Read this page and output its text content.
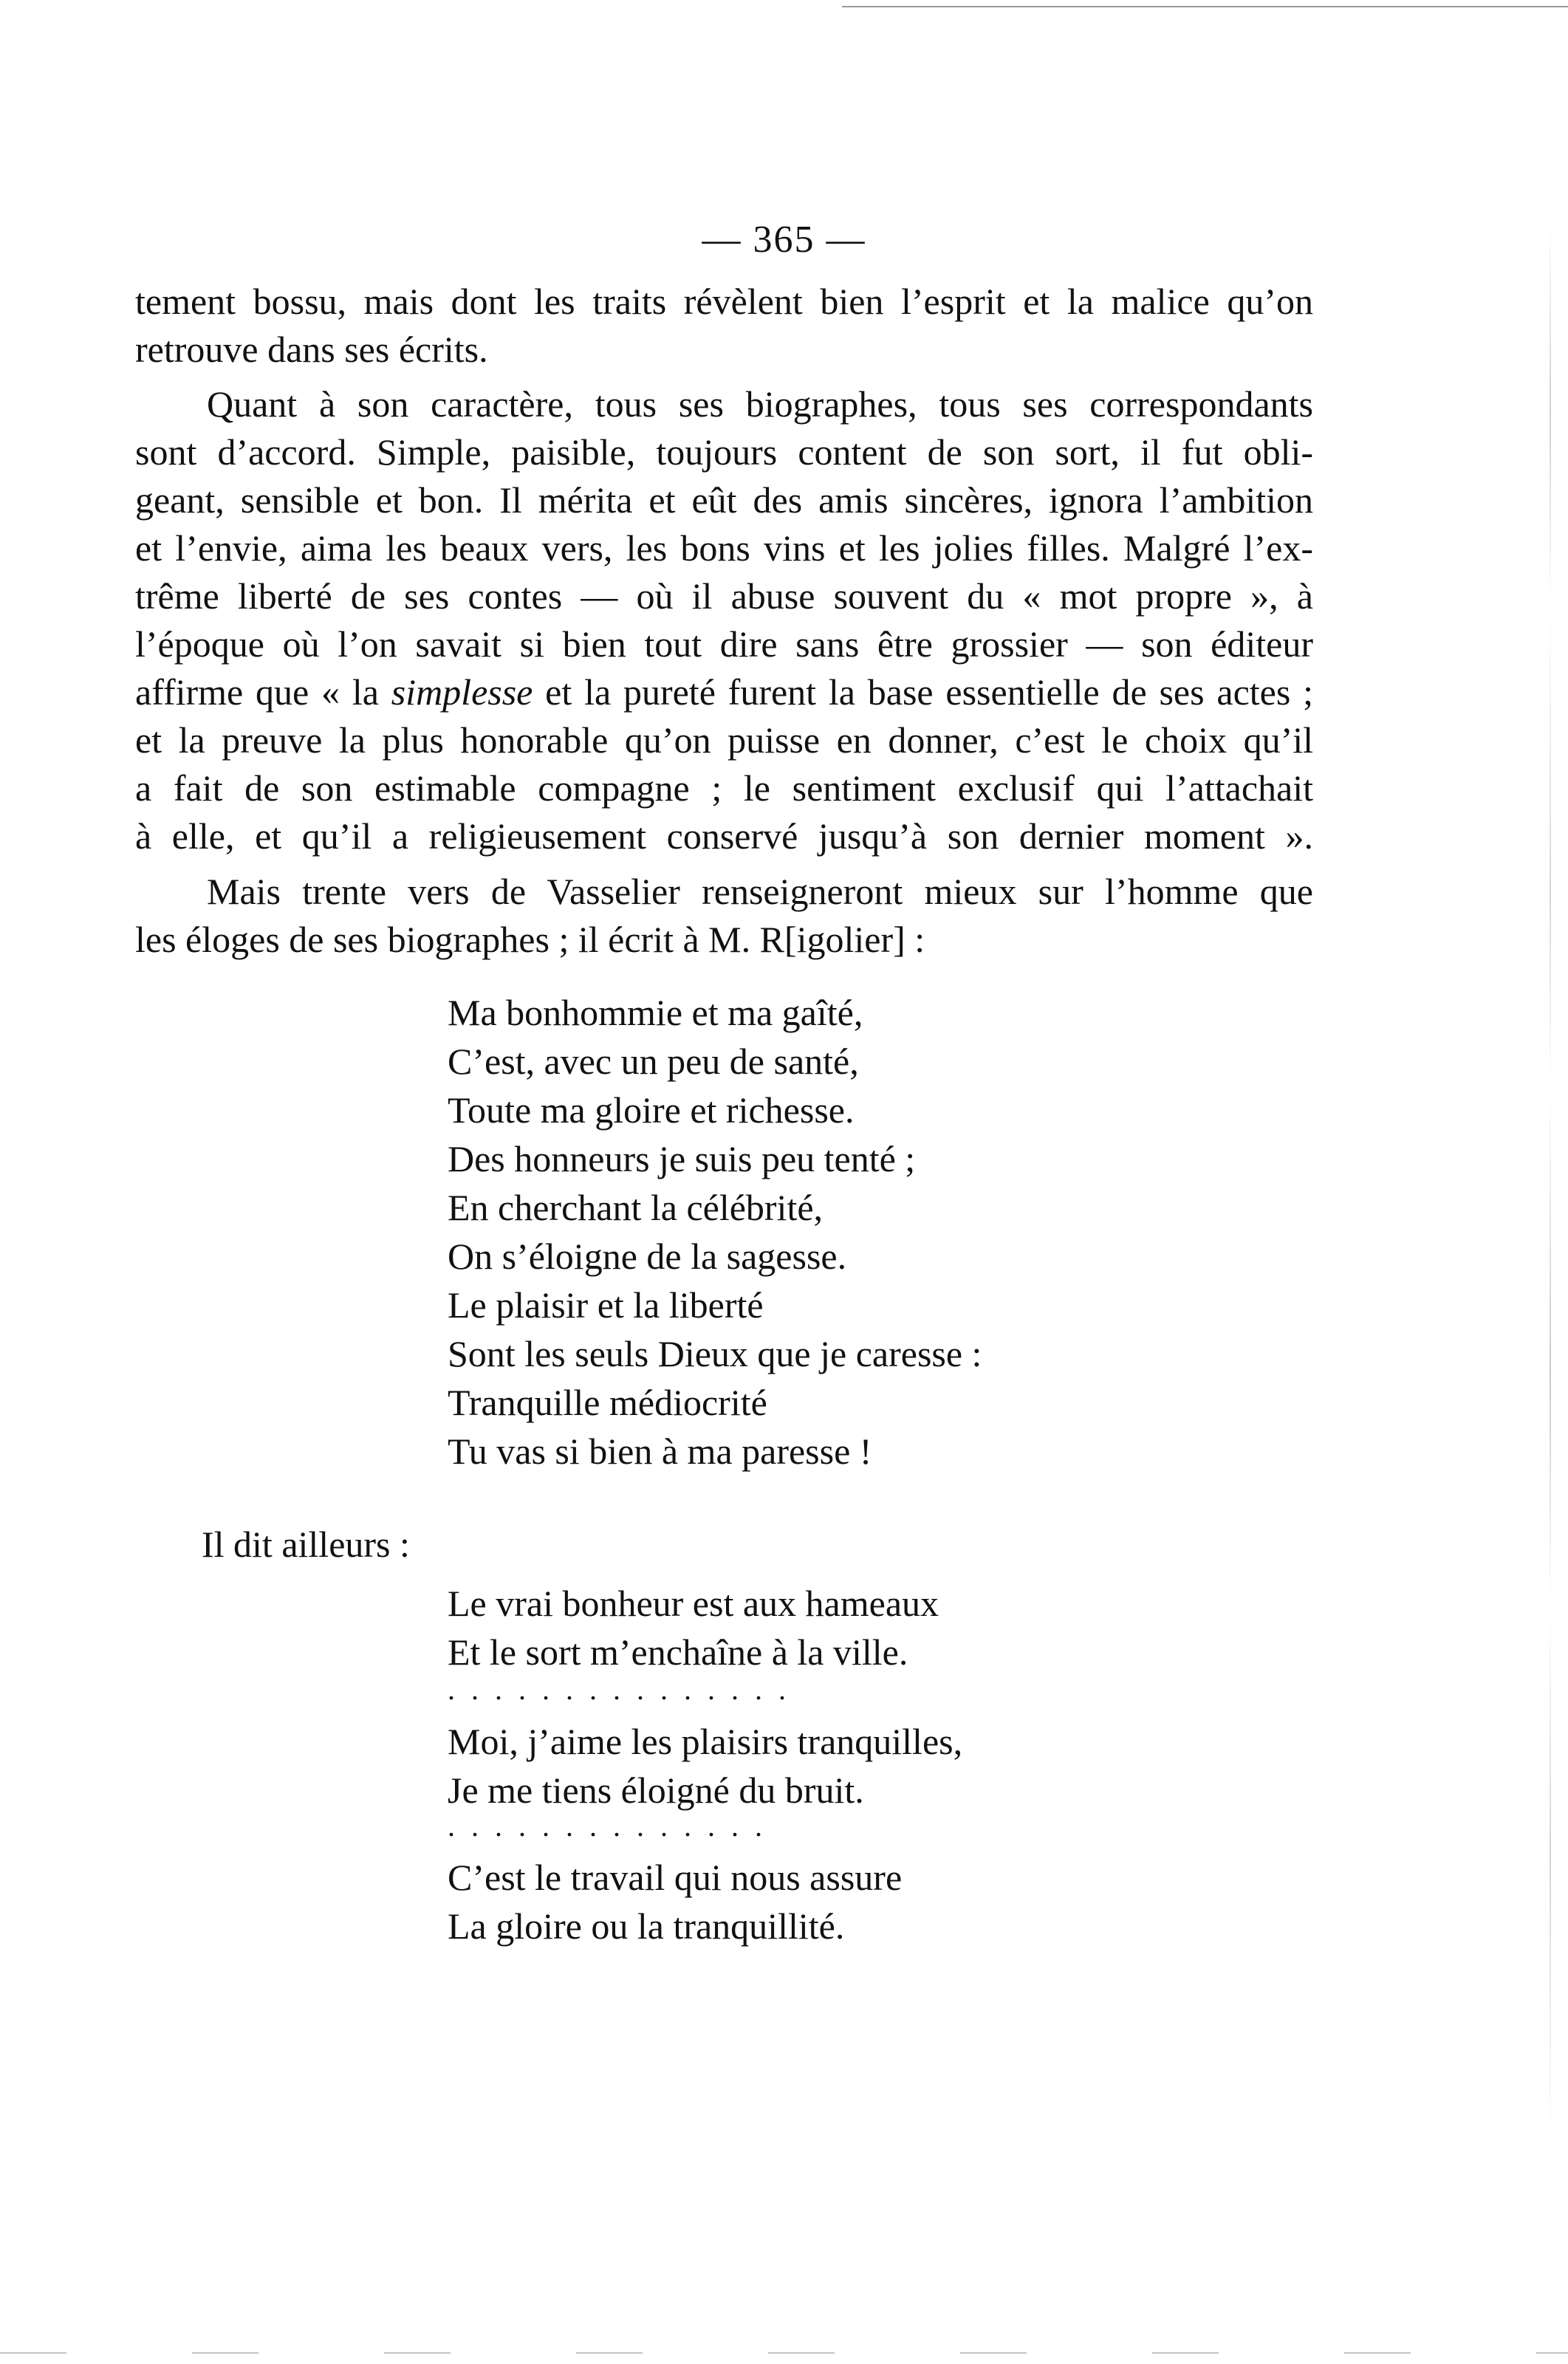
— 365 —
tement bossu, mais dont les traits révèlent bien l’esprit et la malice qu’on
retrouve dans ses écrits.
Quant à son caractère, tous ses biographes, tous ses correspondants
sont d’accord. Simple, paisible, toujours content de son sort, il fut obli-
geant, sensible et bon. Il mérita et eût des amis sincères, ignora l’ambition
et l’envie, aima les beaux vers, les bons vins et les jolies filles. Malgré l’ex-
trême liberté de ses contes — où il abuse souvent du « mot propre », à
l’époque où l’on savait si bien tout dire sans être grossier — son éditeur
affirme que « la simplesse et la pureté furent la base essentielle de ses actes ;
et la preuve la plus honorable qu’on puisse en donner, c’est le choix qu’il
a fait de son estimable compagne ; le sentiment exclusif qui l’attachait
à elle, et qu’il a religieusement conservé jusqu’à son dernier moment ».
Mais trente vers de Vasselier renseigneront mieux sur l’homme que
les éloges de ses biographes ; il écrit à M. R[igolier] :
Ma bonhommie et ma gaîté,
C’est, avec un peu de santé,
Toute ma gloire et richesse.
Des honneurs je suis peu tenté ;
En cherchant la célébrité,
On s’éloigne de la sagesse.
Le plaisir et la liberté
Sont les seuls Dieux que je caresse :
Tranquille médiocrité
Tu vas si bien à ma paresse !
Il dit ailleurs :
Le vrai bonheur est aux hameaux
Et le sort m’enchaîne à la ville.
...............
Moi, j’aime les plaisirs tranquilles,
Je me tiens éloigné du bruit.
..............
C’est le travail qui nous assure
La gloire ou la tranquillité.
